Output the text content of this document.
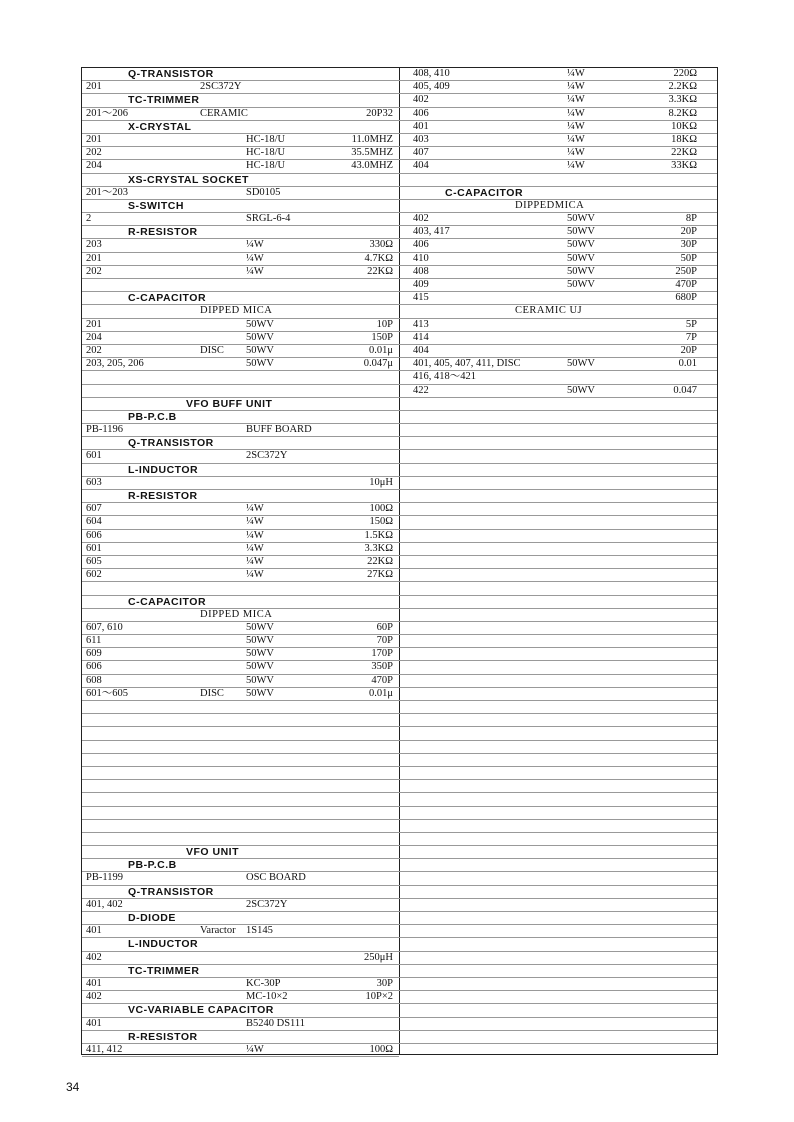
Q-TRANSISTOR
201	2SC372Y
TC-TRIMMER
201～206	CERAMIC	20P32
X-CRYSTAL
201	HC-18/U	11.0MHZ
202	HC-18/U	35.5MHZ
204	HC-18/U	43.0MHZ
XS-CRYSTAL SOCKET
201～203	SD0105
S-SWITCH
2	SRGL-6-4
R-RESISTOR
203	¼W	330Ω
201	¼W	4.7KΩ
202	¼W	22KΩ
C-CAPACITOR
DIPPED MICA
201	50WV	10P
204	50WV	150P
202	DISC 50WV	0.01μ
203, 205, 206	50WV	0.047μ
VFO BUFF UNIT
PB-P.C.B
PB-1196	BUFF BOARD
Q-TRANSISTOR
601	2SC372Y
L-INDUCTOR
603	10μH
R-RESISTOR
607	¼W	100Ω
604	¼W	150Ω
606	¼W	1.5KΩ
601	¼W	3.3KΩ
605	¼W	22KΩ
602	¼W	27KΩ
C-CAPACITOR
DIPPED MICA
607, 610	50WV	60P
611	50WV	70P
609	50WV	170P
606	50WV	350P
608	50WV	470P
601～605	DISC 50WV	0.01μ
VFO UNIT
PB-P.C.B
PB-1199	OSC BOARD
Q-TRANSISTOR
401, 402	2SC372Y
D-DIODE
401	Varactor 1S145
L-INDUCTOR
402	250μH
TC-TRIMMER
401	KC-30P	30P
402	MC-10×2	10P×2
VC-VARIABLE CAPACITOR
401	B5240 DS111
R-RESISTOR
411, 412	¼W	100Ω
408, 410	¼W	220Ω
405, 409	¼W	2.2KΩ
402	¼W	3.3KΩ
406	¼W	8.2KΩ
401	¼W	10KΩ
403	¼W	18KΩ
407	¼W	22KΩ
404	¼W	33KΩ
C-CAPACITOR
DIPPEDMICA
402	50WV	8P
403, 417	50WV	20P
406	50WV	30P
410	50WV	50P
408	50WV	250P
409	50WV	470P
415	680P
CERAMIC UJ
413	5P
414	7P
404	20P
401, 405, 407, 411, DISC	50WV	0.01
416, 418～421
422	50WV	0.047
34
